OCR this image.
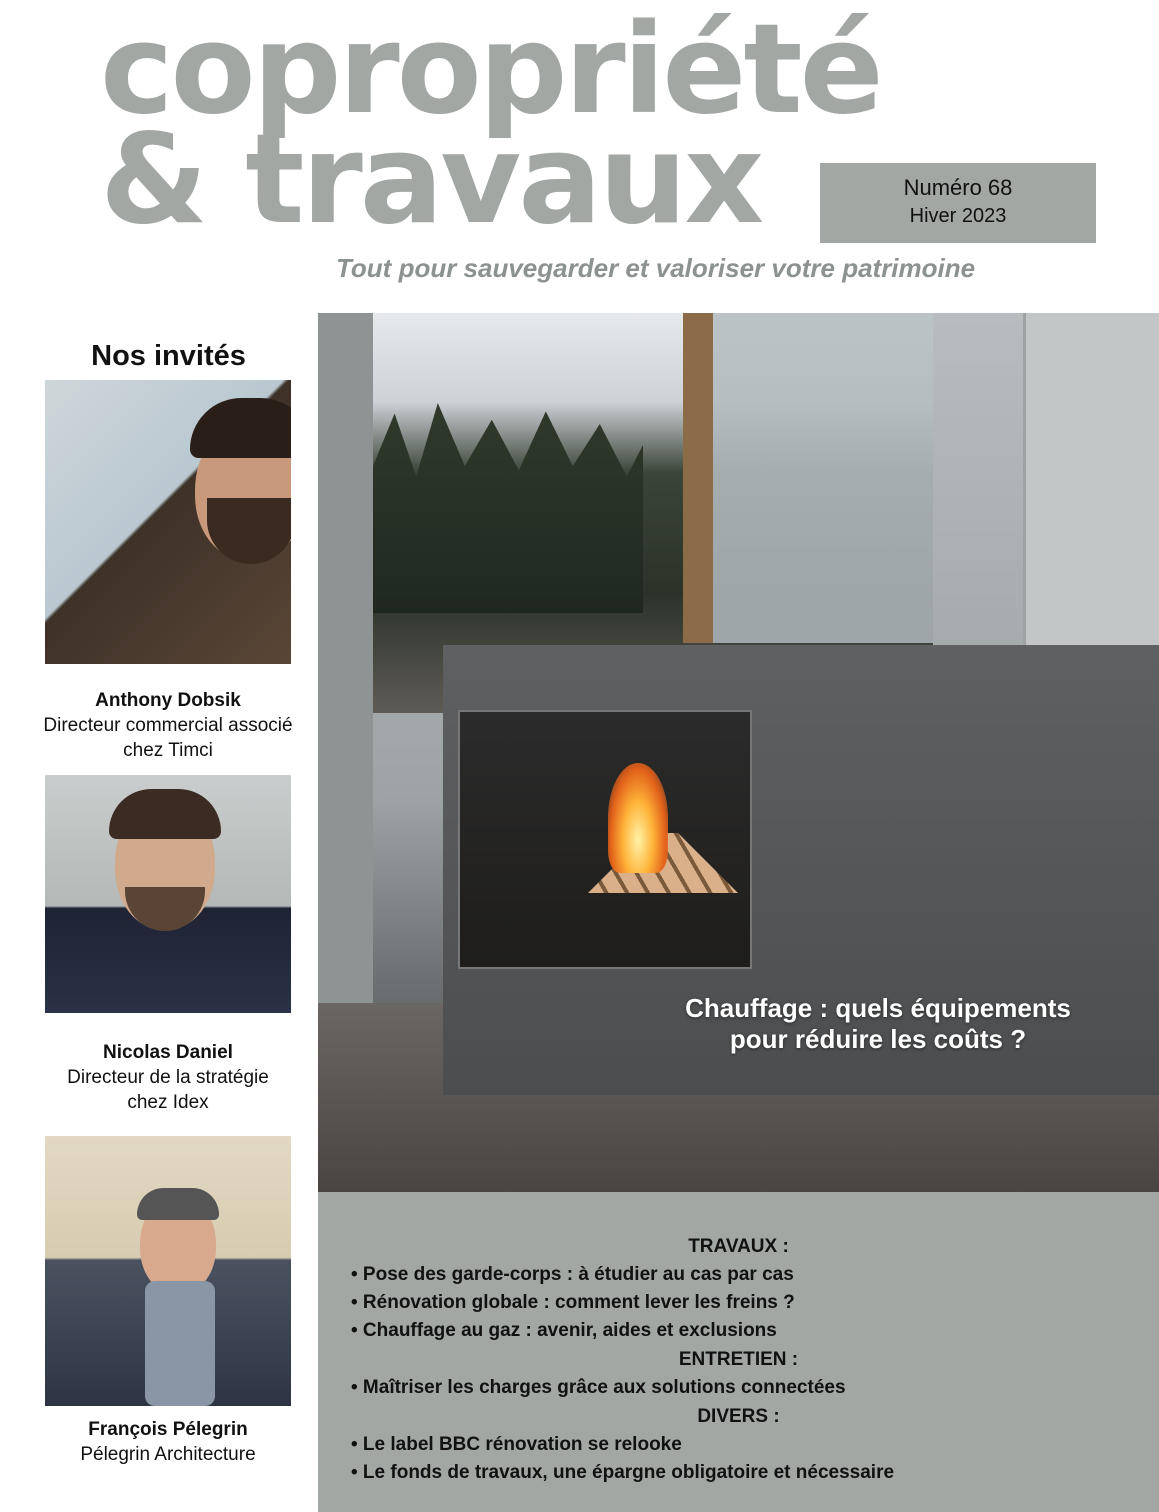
copropriété
& travaux	Numéro 68
Hiver 2023
Tout pour sauvegarder et valoriser votre patrimoine
Nos invités
Anthony Dobsik
Directeur commercial associé
chez Timci
Nicolas Daniel
Directeur de la stratégie
chez Idex
François Pélegrin
Pélegrin Architecture
Chauffage : quels équipements
pour réduire les coûts ?
TRAVAUX :
• Pose des garde-corps : à étudier au cas par cas
• Rénovation globale : comment lever les freins ?
• Chauffage au gaz : avenir, aides et exclusions
ENTRETIEN :
• Maîtriser les charges grâce aux solutions connectées
DIVERS :
• Le label BBC rénovation se relooke
• Le fonds de travaux, une épargne obligatoire et nécessaire
